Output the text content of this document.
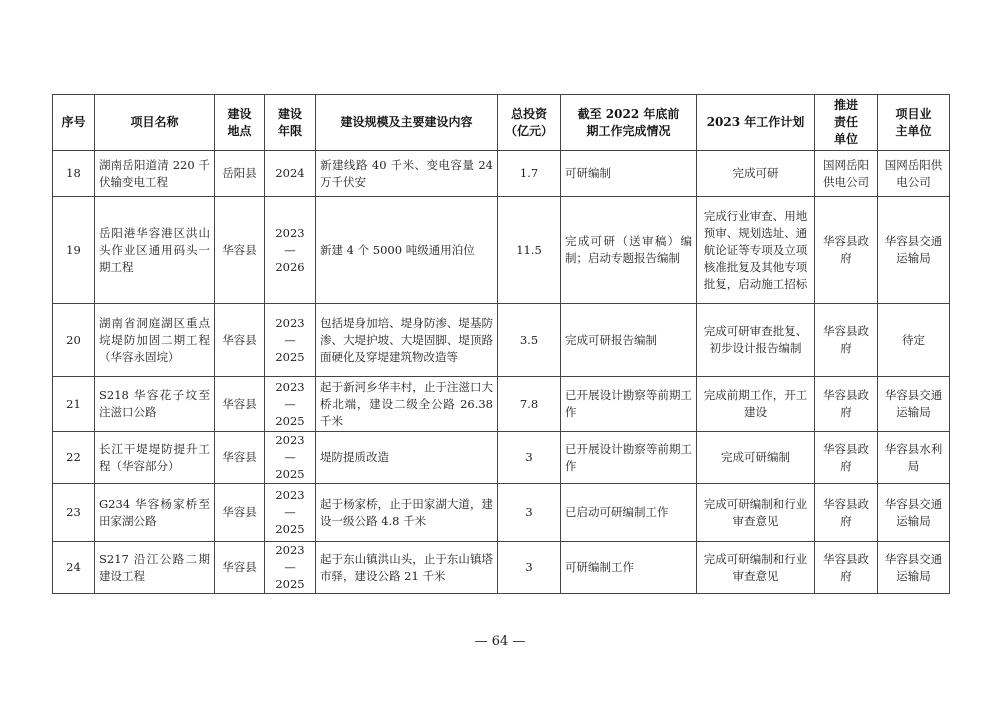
序号	项目名称	建设地点	建设年限	建设规模及主要建设内容	总投资（亿元）	截至 2022 年底前期工作完成情况	2023 年工作计划	推进责任单位	项目业主单位
18	湖南岳阳道清 220 千伏输变电工程	岳阳县	2024	新建线路 40 千米、变电容量 24 万千伏安	1.7	可研编制	完成可研	国网岳阳供电公司	国网岳阳供电公司
19	岳阳港华容港区洪山头作业区通用码头一期工程	华容县	2023—2026	新建 4 个 5000 吨级通用泊位	11.5	完成可研（送审稿）编制；启动专题报告编制	完成行业审查、用地预审、规划选址、通航论证等专项及立项核准批复及其他专项批复，启动施工招标	华容县政府	华容县交通运输局
20	湖南省洞庭湖区重点垸堤防加固二期工程（华容永固垸）	华容县	2023—2025	包括堤身加培、堤身防渗、堤基防渗、大堤护坡、大堤固脚、堤顶路面硬化及穿堤建筑物改造等	3.5	完成可研报告编制	完成可研审查批复、初步设计报告编制	华容县政府	待定
21	S218 华容花子坟至注滋口公路	华容县	2023—2025	起于新河乡华丰村，止于注滋口大桥北端，建设二级全公路 26.38 千米	7.8	已开展设计勘察等前期工作	完成前期工作，开工建设	华容县政府	华容县交通运输局
22	长江干堤堤防提升工程（华容部分）	华容县	2023—2025	堤防提质改造	3	已开展设计勘察等前期工作	完成可研编制	华容县政府	华容县水利局
23	G234 华容杨家桥至田家湖公路	华容县	2023—2025	起于杨家桥，止于田家湖大道，建设一级公路 4.8 千米	3	已启动可研编制工作	完成可研编制和行业审查意见	华容县政府	华容县交通运输局
24	S217 沿江公路二期建设工程	华容县	2023—2025	起于东山镇洪山头，止于东山镇塔市驿，建设公路 21 千米	3	可研编制工作	完成可研编制和行业审查意见	华容县政府	华容县交通运输局
— 64 —
